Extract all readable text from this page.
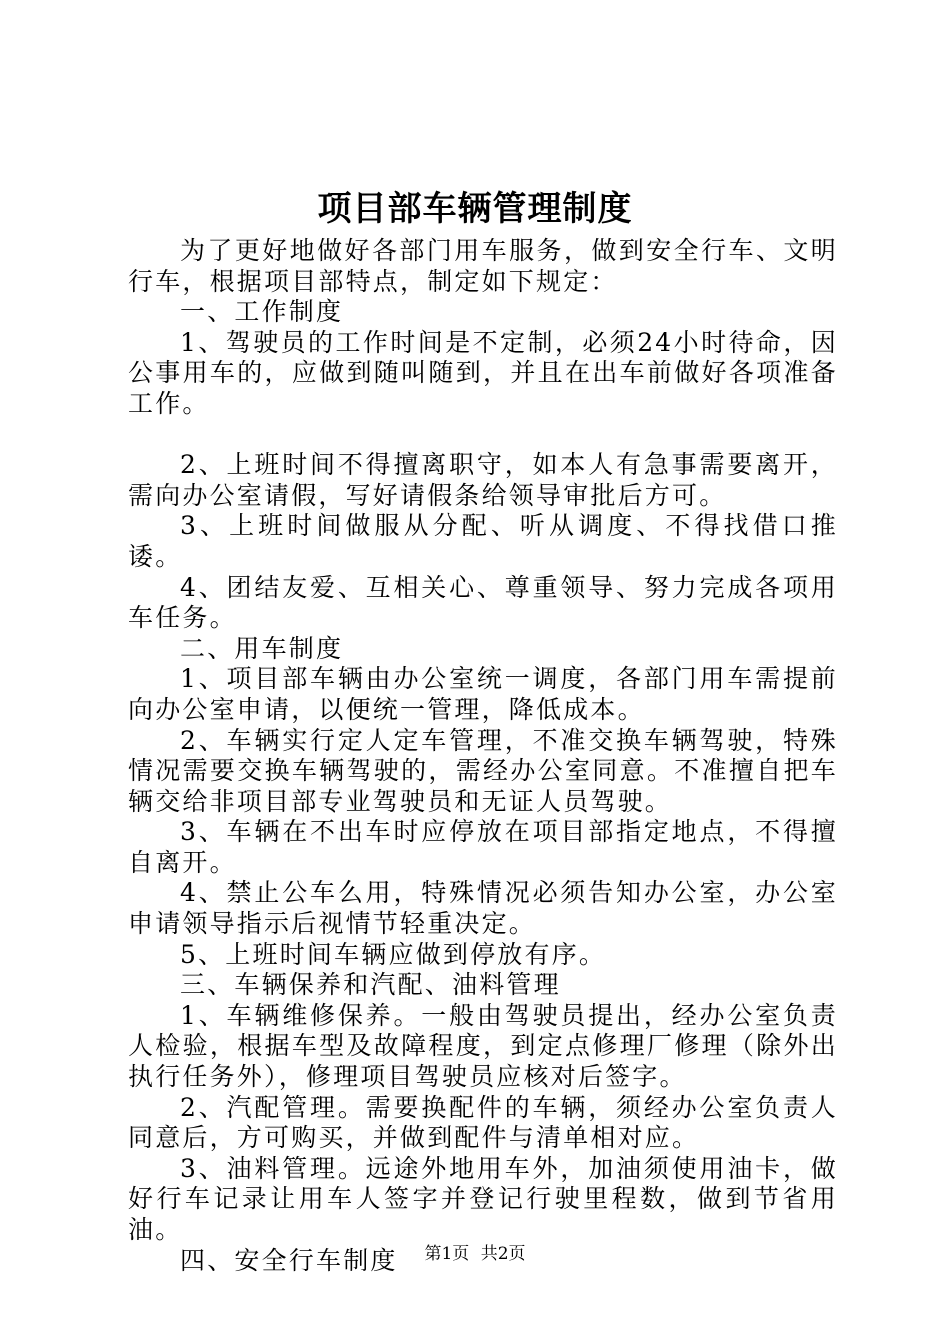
项目部车辆管理制度

为了更好地做好各部门用车服务，做到安全行车、文明行车，根据项目部特点，制定如下规定：

一、工作制度

1、驾驶员的工作时间是不定制，必须24小时待命，因公事用车的，应做到随叫随到，并且在出车前做好各项准备工作。

2、上班时间不得擅离职守，如本人有急事需要离开，需向办公室请假，写好请假条给领导审批后方可。

3、上班时间做服从分配、听从调度、不得找借口推诿。

4、团结友爱、互相关心、尊重领导、努力完成各项用车任务。

二、用车制度

1、项目部车辆由办公室统一调度，各部门用车需提前向办公室申请，以便统一管理，降低成本。

2、车辆实行定人定车管理，不准交换车辆驾驶，特殊情况需要交换车辆驾驶的，需经办公室同意。不准擅自把车辆交给非项目部专业驾驶员和无证人员驾驶。

3、车辆在不出车时应停放在项目部指定地点，不得擅自离开。

4、禁止公车么用，特殊情况必须告知办公室，办公室申请领导指示后视情节轻重决定。

5、上班时间车辆应做到停放有序。

三、车辆保养和汽配、油料管理

1、车辆维修保养。一般由驾驶员提出，经办公室负责人检验，根据车型及故障程度，到定点修理厂修理（除外出执行任务外），修理项目驾驶员应核对后签字。

2、汽配管理。需要换配件的车辆，须经办公室负责人同意后，方可购买，并做到配件与清单相对应。

3、油料管理。远途外地用车外，加油须使用油卡，做好行车记录让用车人签字并登记行驶里程数，做到节省用油。

四、安全行车制度	第1页 共2页
